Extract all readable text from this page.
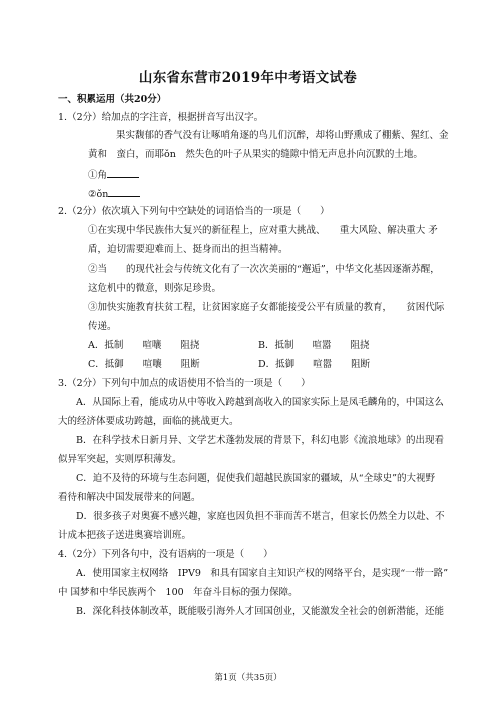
山东省东营市2019年中考语文试卷
一、积累运用（共20分）
1.（2分）给加点的字注音，根据拼音写出汉字。
果实馥郁的香气没有让啄哨角逐的鸟儿们沉醉，却将山野熏成了棚紫、猩红、金
黄和　蛮白，而耶ǒn　然失色的叶子从果实的缝隙中悄无声息扑向沉默的土地。
①角
②ǒn
2.（2分）依次填入下列句中空缺处的词语恰当的一项是（　　）
①在实现中华民族伟大复兴的新征程上，应对重大挑战、　　重大风险、解决重大 矛
盾，迫切需要迎难而上、挺身而出的担当精神。
②当　　的现代社会与传统文化有了一次次美丽的“邂逅”，中华文化基因逐渐苏醒，
这危机中的微意，则弥足珍贵。
③加快实施教育扶贫工程，让贫困家庭子女都能接受公平有质量的教育，　　贫困代际
传递。
A．抵制　　喧嚷　　阻挠	B．抵制　　喧嚣　　阻挠
C．抵御　　喧嚷　　阻断	D．抵御　　喧嚣　　阻断
3.（2分）下列句中加点的成语使用不恰当的一项是（　　）
A．从国际上看，能成功从中等收入跨越到高收入的国家实际上是凤毛麟角的，中国这么
大的经济体要成功跨越，面临的挑战更大。
B．在科学技术日新月异、文学艺术蓬勃发展的背景下，科幻电影《流浪地球》的出现看
似异军突起，实则厚积薄发。
C．迫不及待的环境与生态问题，促使我们超越民族国家的疆域，从“全球史”的大视野
看待和解决中国发展带来的问题。
D．很多孩子对奥赛不感兴趣，家庭也因负担不菲而苦不堪言，但家长仍然全力以赴、不
计成本把孩子送进奥赛培训班。
4.（2分）下列各句中，没有语病的一项是（　　）
A．使用国家主权网络　IPV9　和具有国家自主知识产权的网络平台，是实现“一带一路”
中 国梦和中华民族两个　100　年奋斗目标的强力保障。
B．深化科技体制改革，既能吸引海外人才回国创业，又能激发全社会的创新潜能，还能
第1页（共35页）
